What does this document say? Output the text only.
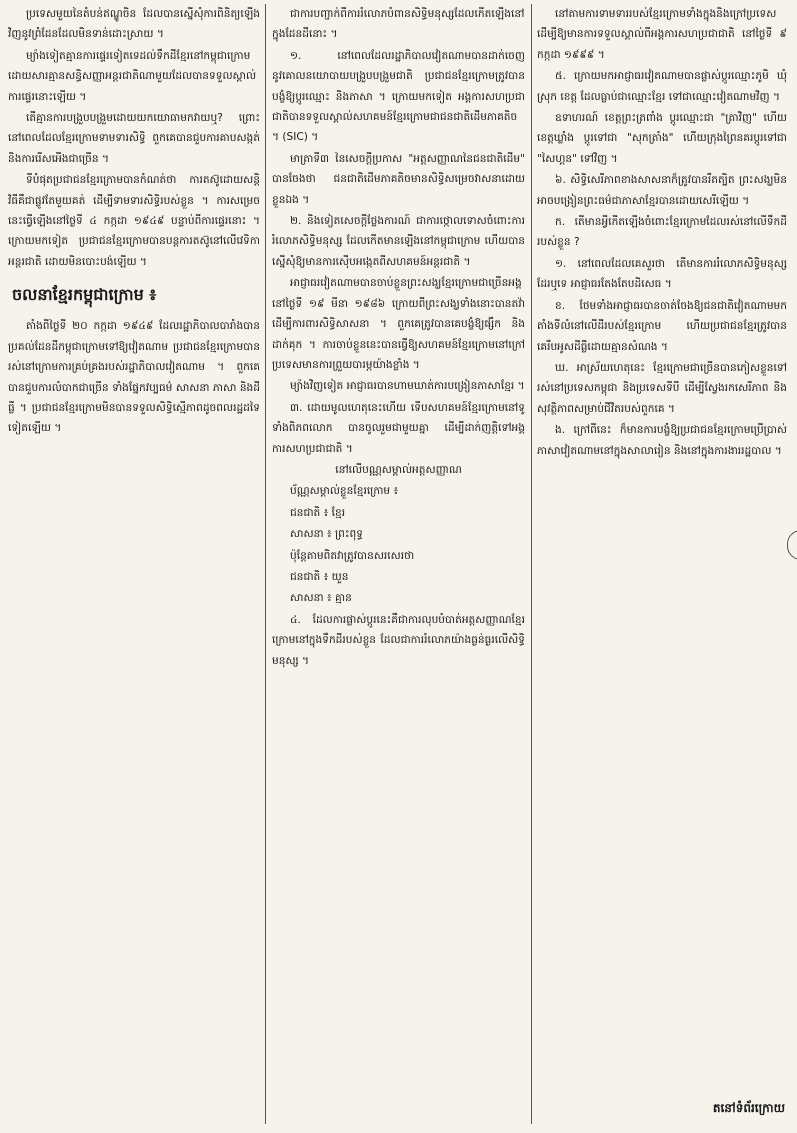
ប្រទេសមួយនៃតំបន់ឥណ្ឌូចិន ដែលបានស្នើសុំការពិនិត្យឡើងវិញនូវព្រំដែនដែលមិនទាន់ដោះស្រាយ ។

ម្យ៉ាងទៀតគ្មានការផ្ទេរទៀតទេដល់ទឹកដីខ្មែរនៅកម្ពុជាក្រោម ដោយសារគ្មានសន្ធិសញ្ញាអន្តរជាតិណាមួយដែលបានទទួលស្គាល់ការផ្ទេរនោះឡើយ ។

តើគ្មានការបង្រួបបង្រួមដោយយកយោធាមកវាយឬ? ព្រោះនៅពេលដែលខ្មែរក្រោមទាមទារសិទ្ធិ ពួកគេបានជួបការគាបសង្កត់ និងការរើសអើងជាច្រើន ។

ទីបំផុតប្រជាជនខ្មែរក្រោមបានកំណត់ថា ការតស៊ូដោយសន្តិវិធីគឺជាផ្លូវតែមួយគត់ ដើម្បីទាមទារសិទ្ធិរបស់ខ្លួន ។ ការសម្រេចនេះធ្វើឡើងនៅថ្ងៃទី ៤ កក្កដា ១៩៤៩ បន្ទាប់ពីការផ្ទេរនោះ ។ ក្រោយមកទៀត ប្រជាជនខ្មែរក្រោមបានបន្តការតស៊ូនៅលើវេទិកាអន្តរជាតិ ដោយមិនបោះបង់ឡើយ ។

ចលនាខ្មែរកម្ពុជាក្រោម ៖

តាំងពីថ្ងៃទី ២០ កក្កដា ១៩៤៩ ដែលរដ្ឋាភិបាលបារាំងបានប្រគល់ដែនដីកម្ពុជាក្រោមទៅឱ្យវៀតណាម ប្រជាជនខ្មែរក្រោមបានរស់នៅក្រោមការគ្រប់គ្រងរបស់រដ្ឋាភិបាលវៀតណាម ។ ពួកគេបានជួបការលំបាកជាច្រើន ទាំងផ្នែកវប្បធម៌ សាសនា ភាសា និងដីធ្លី ។ ប្រជាជនខ្មែរក្រោមមិនបានទទួលសិទ្ធិស្មើភាពដូចពលរដ្ឋដទៃទៀតឡើយ ។

ជាការបញ្ជាក់ពីការរំលោភបំពានសិទ្ធិមនុស្សដែលកើតឡើងនៅក្នុងដែនដីនោះ ។

១. នៅពេលដែលរដ្ឋាភិបាលវៀតណាមបានដាក់ចេញនូវគោលនយោបាយបង្រួបបង្រួមជាតិ ប្រជាជនខ្មែរក្រោមត្រូវបានបង្ខំឱ្យប្តូរឈ្មោះ និងភាសា ។ ក្រោយមកទៀត អង្គការសហប្រជាជាតិបានទទួលស្គាល់សហគមន៍ខ្មែរក្រោមជាជនជាតិដើមភាគតិច ។ (SIC) ។

មាត្រាទី៣ នៃសេចក្តីប្រកាស "អត្តសញ្ញាណនៃជនជាតិដើម" បានចែងថា ជនជាតិដើមភាគតិចមានសិទ្ធិសម្រេចវាសនាដោយខ្លួនឯង ។

២. និងទៀតសេចក្តីថ្លែងការណ៍ ជាការថ្កោលទោសចំពោះការរំលោភសិទ្ធិមនុស្ស ដែលកើតមានឡើងនៅកម្ពុជាក្រោម ហើយបានស្នើសុំឱ្យមានការស៊ើបអង្កេតពីសហគមន៍អន្តរជាតិ ។

អាជ្ញាធរវៀតណាមបានចាប់ខ្លួនព្រះសង្ឃខ្មែរក្រោមជាច្រើនអង្គ នៅថ្ងៃទី ១៩ មីនា ១៩៨៦ ក្រោយពីព្រះសង្ឃទាំងនោះបានតវ៉ាដើម្បីការពារសិទ្ធិសាសនា ។ ពួកគេត្រូវបានគេបង្ខំឱ្យផ្សឹក និងដាក់គុក ។ ការចាប់ខ្លួននេះបានធ្វើឱ្យសហគមន៍ខ្មែរក្រោមនៅក្រៅប្រទេសមានការព្រួយបារម្ភយ៉ាងខ្លាំង ។

ម្យ៉ាងវិញទៀត អាជ្ញាធរបានហាមឃាត់ការបង្រៀនភាសាខ្មែរ ។

៣. ដោយមូលហេតុនេះហើយ ទើបសហគមន៍ខ្មែរក្រោមនៅទូទាំងពិភពលោក បានចូលរួមជាមួយគ្នា ដើម្បីដាក់ញត្តិទៅអង្គការសហប្រជាជាតិ ។

នៅលើបណ្ណសម្គាល់អត្តសញ្ញាណ

ប័ណ្ណសម្គាល់ខ្លួនខ្មែរក្រោម ៖

ជនជាតិ ៖ ខ្មែរ

សាសនា ៖ ព្រះពុទ្ធ

ប៉ុន្តែតាមពិតវាត្រូវបានសរសេរថា

ជនជាតិ ៖ យួន

សាសនា ៖ គ្មាន

៤. ដែលការផ្លាស់ប្តូរនេះគឺជាការលុបបំបាត់អត្តសញ្ញាណខ្មែរក្រោមនៅក្នុងទឹកដីរបស់ខ្លួន ដែលជាការរំលោភយ៉ាងធ្ងន់ធ្ងរលើសិទ្ធិមនុស្ស ។

នៅតាមការទាមទាររបស់ខ្មែរក្រោមទាំងក្នុងនិងក្រៅប្រទេស ដើម្បីឱ្យមានការទទួលស្គាល់ពីអង្គការសហប្រជាជាតិ នៅថ្ងៃទី ៩ កក្កដា ១៩៩៩ ។

៥. ក្រោយមកអាជ្ញាធរវៀតណាមបានផ្លាស់ប្តូរឈ្មោះភូមិ ឃុំ ស្រុក ខេត្ត ដែលធ្លាប់ជាឈ្មោះខ្មែរ ទៅជាឈ្មោះវៀតណាមវិញ ។

ឧទាហរណ៍ ខេត្តព្រះត្រពាំង ប្តូរឈ្មោះជា "ត្រាវិញ" ហើយខេត្តឃ្លាំង ប្តូរទៅជា "សុកត្រាំង" ហើយក្រុងព្រៃនគរប្តូរទៅជា "សៃហ្គន" ទៅវិញ ។

៦. សិទ្ធិសេរីភាពខាងសាសនាក៏ត្រូវបានរឹតត្បិត ព្រះសង្ឃមិនអាចបង្រៀនព្រះធម៌ជាភាសាខ្មែរបានដោយសេរីឡើយ ។

ក. តើមានអ្វីកើតឡើងចំពោះខ្មែរក្រោមដែលរស់នៅលើទឹកដីរបស់ខ្លួន ?

១. នៅពេលដែលគេសួរថា តើមានការរំលោភសិទ្ធិមនុស្សដែរឬទេ អាជ្ញាធរតែងតែបដិសេធ ។

ខ. ថែមទាំងអាជ្ញាធរបានចាត់ចែងឱ្យជនជាតិវៀតណាមមកតាំងទីលំនៅលើដីរបស់ខ្មែរក្រោម ហើយប្រជាជនខ្មែរត្រូវបានគេរឹបអូសដីធ្លីដោយគ្មានសំណង ។

ឃ. អាស្រ័យហេតុនេះ ខ្មែរក្រោមជាច្រើនបានភៀសខ្លួនទៅរស់នៅប្រទេសកម្ពុជា និងប្រទេសទីបី ដើម្បីស្វែងរកសេរីភាព និងសុវត្ថិភាពសម្រាប់ជីវិតរបស់ពួកគេ ។

ង. ក្រៅពីនេះ ក៏មានការបង្ខំឱ្យប្រជាជនខ្មែរក្រោមប្រើប្រាស់ភាសាវៀតណាមនៅក្នុងសាលារៀន និងនៅក្នុងការងាររដ្ឋបាល ។

តនៅទំព័រក្រោយ
